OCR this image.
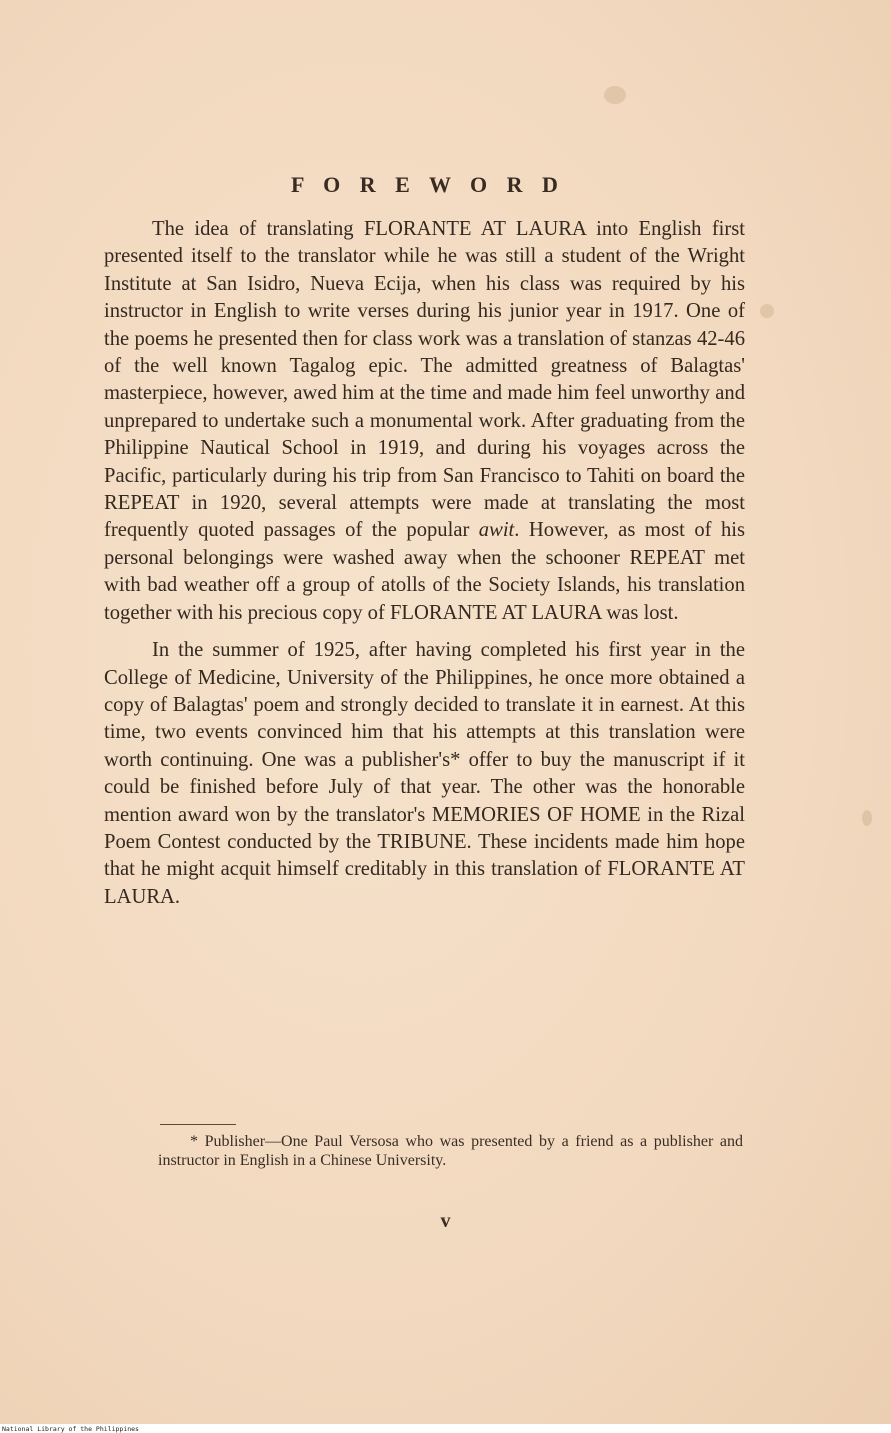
F O R E W O R D

The idea of translating FLORANTE AT LAURA into English first presented itself to the translator while he was still a student of the Wright Institute at San Isidro, Nueva Ecija, when his class was required by his instructor in English to write verses during his junior year in 1917. One of the poems he presented then for class work was a translation of stanzas 42-46 of the well known Tagalog epic. The admitted greatness of Balagtas' masterpiece, however, awed him at the time and made him feel unworthy and unprepared to undertake such a monumental work. After graduating from the Philippine Nautical School in 1919, and during his voyages across the Pacific, particularly during his trip from San Francisco to Tahiti on board the REPEAT in 1920, several attempts were made at translating the most frequently quoted passages of the popular awit. However, as most of his personal belongings were washed away when the schooner REPEAT met with bad weather off a group of atolls of the Society Islands, his translation together with his precious copy of FLORANTE AT LAURA was lost.

In the summer of 1925, after having completed his first year in the College of Medicine, University of the Philippines, he once more obtained a copy of Balagtas' poem and strongly decided to translate it in earnest. At this time, two events convinced him that his attempts at this translation were worth continuing. One was a publisher's* offer to buy the manuscript if it could be finished before July of that year. The other was the honorable mention award won by the translator's MEMORIES OF HOME in the Rizal Poem Contest conducted by the TRIBUNE. These incidents made him hope that he might acquit himself creditably in this translation of FLORANTE AT LAURA.

* Publisher—One Paul Versosa who was presented by a friend as a publisher and instructor in English in a Chinese University.
v
National Library of the Philippines
